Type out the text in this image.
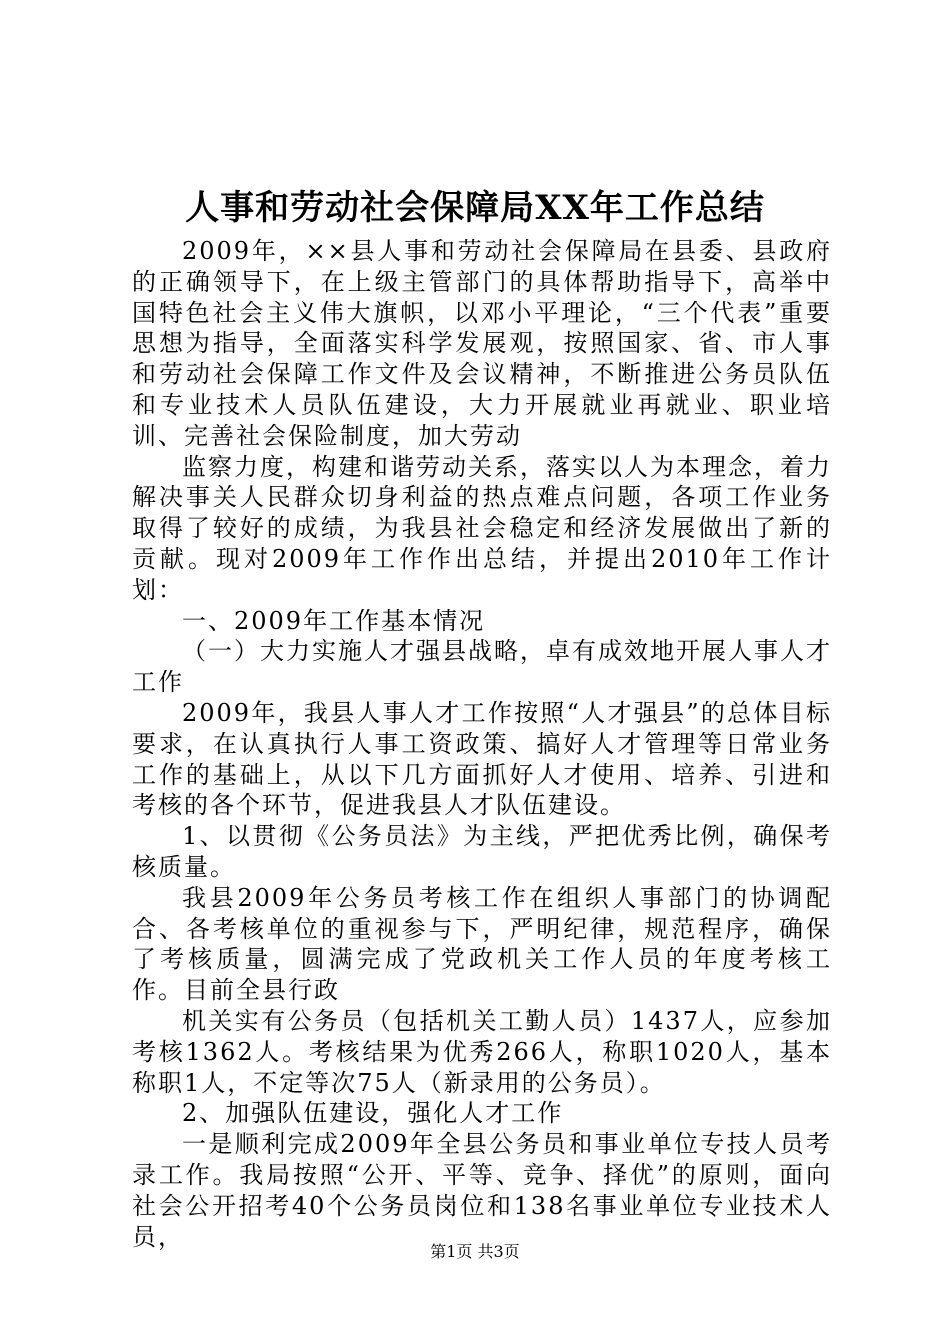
人事和劳动社会保障局XX年工作总结

2009年，××县人事和劳动社会保障局在县委、县政府的正确领导下，在上级主管部门的具体帮助指导下，高举中国特色社会主义伟大旗帜，以邓小平理论，“三个代表”重要思想为指导，全面落实科学发展观，按照国家、省、市人事和劳动社会保障工作文件及会议精神，不断推进公务员队伍和专业技术人员队伍建设，大力开展就业再就业、职业培训、完善社会保险制度，加大劳动

监察力度，构建和谐劳动关系，落实以人为本理念，着力解决事关人民群众切身利益的热点难点问题，各项工作业务取得了较好的成绩，为我县社会稳定和经济发展做出了新的贡献。现对2009年工作作出总结，并提出2010年工作计划：

一、2009年工作基本情况

（一）大力实施人才强县战略，卓有成效地开展人事人才工作

2009年，我县人事人才工作按照“人才强县”的总体目标要求，在认真执行人事工资政策、搞好人才管理等日常业务工作的基础上，从以下几方面抓好人才使用、培养、引进和考核的各个环节，促进我县人才队伍建设。

1、以贯彻《公务员法》为主线，严把优秀比例，确保考核质量。

我县2009年公务员考核工作在组织人事部门的协调配合、各考核单位的重视参与下，严明纪律，规范程序，确保了考核质量，圆满完成了党政机关工作人员的年度考核工作。目前全县行政

机关实有公务员（包括机关工勤人员）1437人，应参加考核1362人。考核结果为优秀266人，称职1020人，基本称职1人，不定等次75人（新录用的公务员）。

2、加强队伍建设，强化人才工作

一是顺利完成2009年全县公务员和事业单位专技人员考录工作。我局按照“公开、平等、竞争、择优”的原则，面向社会公开招考40个公务员岗位和138名事业单位专业技术人员，

第1页 共3页
